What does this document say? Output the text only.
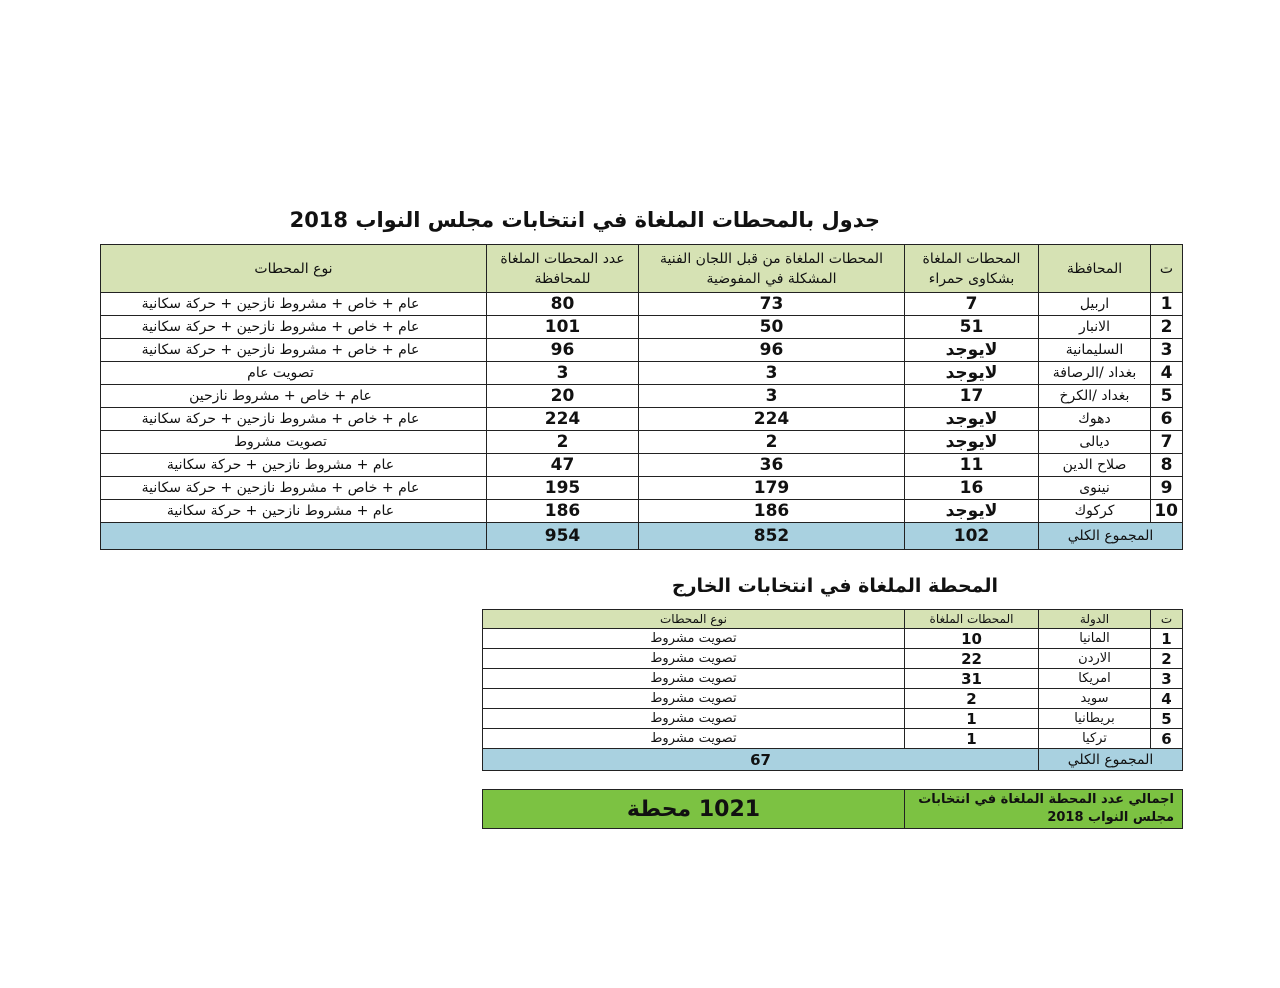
جدول بالمحطات الملغاة في انتخابات مجلس النواب 2018
ت	المحافظة	المحطات الملغاة بشكاوى حمراء	المحطات الملغاة من قبل اللجان الفنية المشكلة في المفوضية	عدد المحطات الملغاة للمحافظة	نوع المحطات
1	اربيل	7	73	80	عام + خاص + مشروط نازحين + حركة سكانية
2	الانبار	51	50	101	عام + خاص + مشروط نازحين + حركة سكانية
3	السليمانية	لايوجد	96	96	عام + خاص + مشروط نازحين + حركة سكانية
4	بغداد /الرصافة	لايوجد	3	3	تصويت عام
5	بغداد /الكرخ	17	3	20	عام + خاص + مشروط نازحين
6	دهوك	لايوجد	224	224	عام + خاص + مشروط نازحين + حركة سكانية
7	ديالى	لايوجد	2	2	تصويت مشروط
8	صلاح الدين	11	36	47	عام + مشروط نازحين + حركة سكانية
9	نينوى	16	179	195	عام + خاص + مشروط نازحين + حركة سكانية
10	كركوك	لايوجد	186	186	عام + مشروط نازحين + حركة سكانية
المجموع الكلي		102	852	954	
المحطة الملغاة في انتخابات الخارج
ت	الدولة	المحطات الملغاة	نوع المحطات
1	المانيا	10	تصويت مشروط
2	الاردن	22	تصويت مشروط
3	امريكا	31	تصويت مشروط
4	سويد	2	تصويت مشروط
5	بريطانيا	1	تصويت مشروط
6	تركيا	1	تصويت مشروط
المجموع الكلي		67	
اجمالي عدد المحطة الملغاة في انتخابات مجلس النواب 2018	1021 محطة
